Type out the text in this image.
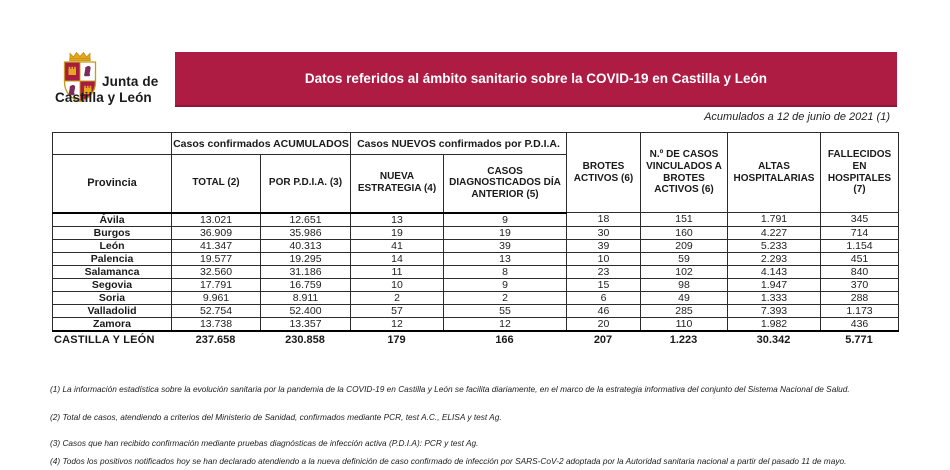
Junta de
Castilla y León
Datos referidos al ámbito sanitario sobre la COVID-19 en Castilla y León
Acumulados a 12 de junio de 2021 (1)
	Casos confirmados ACUMULADOS		Casos NUEVOS confirmados por P.D.I.A.		BROTES ACTIVOS (6)	N.º DE CASOS VINCULADOS A BROTES ACTIVOS (6)	ALTAS HOSPITALARIAS	FALLECIDOS EN HOSPITALES (7)
Provincia	TOTAL (2)	POR P.D.I.A. (3)	NUEVA ESTRATEGIA (4)	CASOS DIAGNOSTICADOS DÍA ANTERIOR (5)				
Ávila	13.021	12.651	13	9	18	151	1.791	345
Burgos	36.909	35.986	19	19	30	160	4.227	714
León	41.347	40.313	41	39	39	209	5.233	1.154
Palencia	19.577	19.295	14	13	10	59	2.293	451
Salamanca	32.560	31.186	11	8	23	102	4.143	840
Segovia	17.791	16.759	10	9	15	98	1.947	370
Soria	9.961	8.911	2	2	6	49	1.333	288
Valladolid	52.754	52.400	57	55	46	285	7.393	1.173
Zamora	13.738	13.357	12	12	20	110	1.982	436
CASTILLA Y LEÓN	237.658	230.858	179	166	207	1.223	30.342	5.771
(1) La información estadística sobre la evolución sanitaria por la pandemia de la COVID-19 en Castilla y León se facilita diariamente, en el marco de la estrategia informativa del conjunto del Sistema Nacional de Salud.
(2) Total de casos, atendiendo a criterios del Ministerio de Sanidad, confirmados mediante PCR, test A.C., ELISA y test Ag.
(3) Casos que han recibido confirmación mediante pruebas diagnósticas de infección activa (P.D.I.A): PCR y test Ag.
(4) Todos los positivos notificados hoy se han declarado atendiendo a la nueva definición de caso confirmado de infección por SARS-CoV-2 adoptada por la Autoridad sanitaria nacional a partir del pasado 11 de mayo.
